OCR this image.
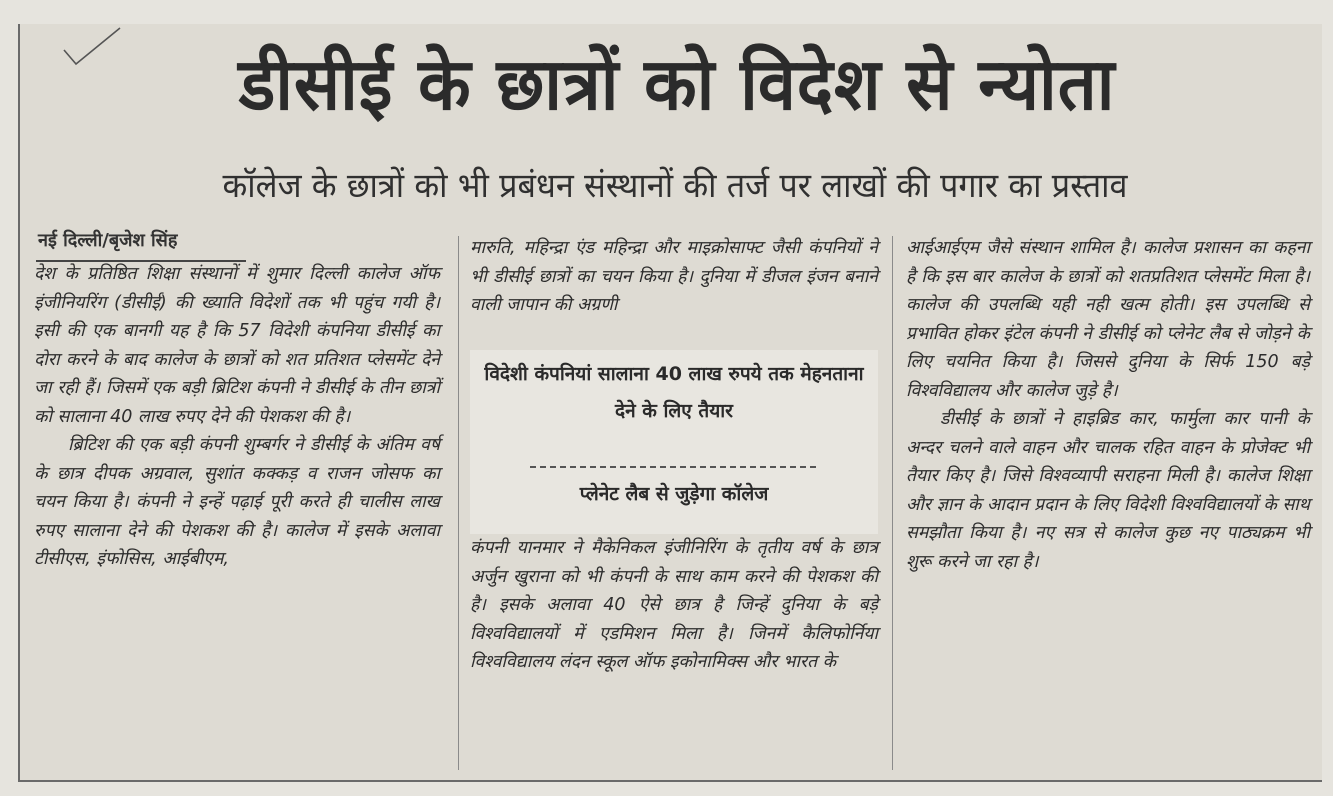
डीसीई के छात्रों को विदेश से न्योता
कॉलेज के छात्रों को भी प्रबंधन संस्थानों की तर्ज पर लाखों की पगार का प्रस्ताव
नई दिल्ली/बृजेश सिंह

देश के प्रतिष्ठित शिक्षा संस्थानों में शुमार दिल्ली कालेज ऑफ इंजीनियरिंग (डीसीई) की ख्याति विदेशों तक भी पहुंच गयी है। इसी की एक बानगी यह है कि 57 विदेशी कंपनिया डीसीई का दोरा करने के बाद कालेज के छात्रों को शत प्रतिशत प्लेसमेंट देने जा रही हैं। जिसमें एक बड़ी ब्रिटिश कंपनी ने डीसीई के तीन छात्रों को सालाना 40 लाख रुपए देने की पेशकश की है।

ब्रिटिश की एक बड़ी कंपनी शुम्बर्गर ने डीसीई के अंतिम वर्ष के छात्र दीपक अग्रवाल, सुशांत कक्कड़ व राजन जोसफ का चयन किया है। कंपनी ने इन्हें पढ़ाई पूरी करते ही चालीस लाख रुपए सालाना देने की पेशकश की है। कालेज में इसके अलावा टीसीएस, इंफोसिस, आईबीएम,

मारुति, महिन्द्रा एंड महिन्द्रा और माइक्रोसाफ्ट जैसी कंपनियों ने भी डीसीई छात्रों का चयन किया है। दुनिया में डीजल इंजन बनाने वाली जापान की अग्रणी

विदेशी कंपनियां सालाना 40 लाख रुपये तक मेहनताना देने के लिए तैयार
प्लेनेट लैब से जुड़ेगा कॉलेज

कंपनी यानमार ने मैकेनिकल इंजीनिरिंग के तृतीय वर्ष के छात्र अर्जुन खुराना को भी कंपनी के साथ काम करने की पेशकश की है। इसके अलावा 40 ऐसे छात्र है जिन्हें दुनिया के बड़े विश्वविद्यालयों में एडमिशन मिला है। जिनमें कैलिफोर्निया विश्वविद्यालय लंदन स्कूल ऑफ इकोनामिक्स और भारत के

आईआईएम जैसे संस्थान शामिल है। कालेज प्रशासन का कहना है कि इस बार कालेज के छात्रों को शतप्रतिशत प्लेसमेंट मिला है। कालेज की उपलब्धि यही नही खत्म होती। इस उपलब्धि से प्रभावित होकर इंटेल कंपनी ने डीसीई को प्लेनेट लैब से जोड़ने के लिए चयनित किया है। जिससे दुनिया के सिर्फ 150 बड़े विश्वविद्यालय और कालेज जुड़े है।

डीसीई के छात्रों ने हाइब्रिड कार, फार्मुला कार पानी के अन्दर चलने वाले वाहन और चालक रहित वाहन के प्रोजेक्ट भी तैयार किए है। जिसे विश्वव्यापी सराहना मिली है। कालेज शिक्षा और ज्ञान के आदान प्रदान के लिए विदेशी विश्वविद्यालयों के साथ समझौता किया है। नए सत्र से कालेज कुछ नए पाठ्यक्रम भी शुरू करने जा रहा है।
